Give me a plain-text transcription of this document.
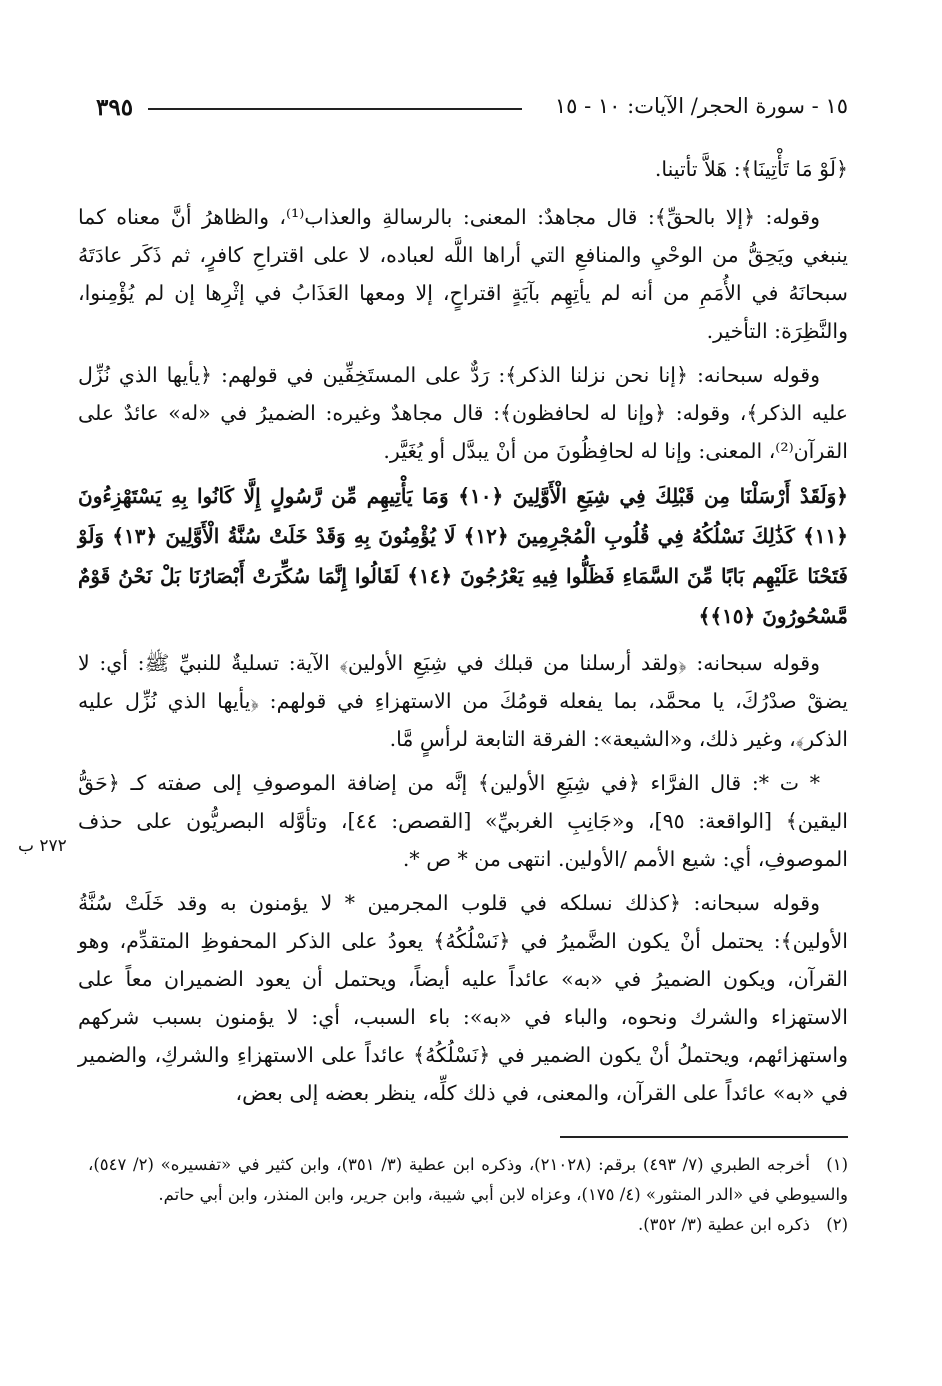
٣٩٥	١٥ - سورة الحجر/ الآيات: ١٠ - ١٥

﴿لَوْ مَا تَأْتِينَا﴾: هَلاَّ تأتينا.

وقوله: ﴿إلا بالحقِّ﴾: قال مجاهدٌ: المعنى: بالرسالةِ والعذاب⁽¹⁾، والظاهرُ أنَّ معناه كما ينبغي ويَحِقُّ من الوحْيِ والمنافعِ التي أراها اللَّه لعباده، لا على اقتراحِ كافرٍ، ثم ذَكَر عادَتَهُ سبحانَهُ في الأُمَمِ من أنه لم يأتِهِم بآيَةٍ اقتراحٍ، إلا ومعها العَذَابُ في إثْرِها إن لم يُؤْمِنوا، والنَّظِرَة: التأخير.

وقوله سبحانه: ﴿إنا نحن نزلنا الذكر﴾: رَدٌّ على المستَخِفِّين في قولهم: ﴿يأيها الذي نُزِّل عليه الذكر﴾، وقوله: ﴿وإنا له لحافظون﴾: قال مجاهدٌ وغيره: الضميرُ في «له» عائدٌ على القرآن⁽²⁾، المعنى: وإنا له لحافِظُونَ من أنْ يبدَّل أو يُغَيَّر.

﴿وَلَقَدْ أَرْسَلْنَا مِن قَبْلِكَ فِي شِيَعِ الْأَوَّلِينَ ﴿١٠﴾ وَمَا يَأْتِيهِم مِّن رَّسُولٍ إِلَّا كَانُوا بِهِ يَسْتَهْزِءُونَ ﴿١١﴾ كَذَٰلِكَ نَسْلُكُهُ فِي قُلُوبِ الْمُجْرِمِينَ ﴿١٢﴾ لَا يُؤْمِنُونَ بِهِ وَقَدْ خَلَتْ سُنَّةُ الْأَوَّلِينَ ﴿١٣﴾ وَلَوْ فَتَحْنَا عَلَيْهِم بَابًا مِّنَ السَّمَاءِ فَظَلُّوا فِيهِ يَعْرُجُونَ ﴿١٤﴾ لَقَالُوا إِنَّمَا سُكِّرَتْ أَبْصَارُنَا بَلْ نَحْنُ قَوْمٌ مَّسْحُورُونَ ﴿١٥﴾﴾

وقوله سبحانه: ﴿ولقد أرسلنا من قبلك في شِيَعِ الأولين﴾ الآية: تسليةٌ للنبيِّ ﷺ: أي: لا يضقْ صدْرُكَ، يا محمَّد، بما يفعله قومُكَ من الاستهزاءِ في قولهم: ﴿يأيها الذي نُزِّل عليه الذكر﴾، وغير ذلك، و«الشيعة»: الفرقة التابعة لرأسٍ مَّا.

* ت *: قال الفرَّاء ﴿في شِيَعِ الأولين﴾ إنَّه من إضافة الموصوفِ إلى صفته كـ ﴿حَقُّ اليقين﴾ [الواقعة: ٩٥]، و«جَانِبِ الغربيِّ» [القصص: ٤٤]، وتأوَّله البصريُّون على حذف الموصوفِ، أي: شيع الأمم /الأولين. انتهى من * ص *.

وقوله سبحانه: ﴿كذلك نسلكه في قلوب المجرمين * لا يؤمنون به وقد خَلَتْ سُنَّةُ الأولين﴾: يحتمل أنْ يكون الضَّميرُ في ﴿نَسْلُكُهُ﴾ يعودُ على الذكر المحفوظِ المتقدِّم، وهو القرآن، ويكون الضميرُ في «به» عائداً عليه أيضاً، ويحتمل أن يعود الضميران معاً على الاستهزاء والشرك ونحوه، والباء في «به»: باء السبب، أي: لا يؤمنون بسبب شركهم واستهزائهم، ويحتملُ أنْ يكون الضمير في ﴿نَسْلُكُهُ﴾ عائداً على الاستهزاءِ والشركِ، والضمير في «به» عائداً على القرآن، والمعنى، في ذلك كلِّه، ينظر بعضه إلى بعض،

٢٧٢ ب

(١)أخرجه الطبري (٧/ ٤٩٣) برقم: (٢١٠٢٨)، وذكره ابن عطية (٣/ ٣٥١)، وابن كثير في «تفسيره» (٢/ ٥٤٧)، والسيوطي في «الدر المنثور» (٤/ ١٧٥)، وعزاه لابن أبي شيبة، وابن جرير، وابن المنذر، وابن أبي حاتم.

(٢)ذكره ابن عطية (٣/ ٣٥٢).
